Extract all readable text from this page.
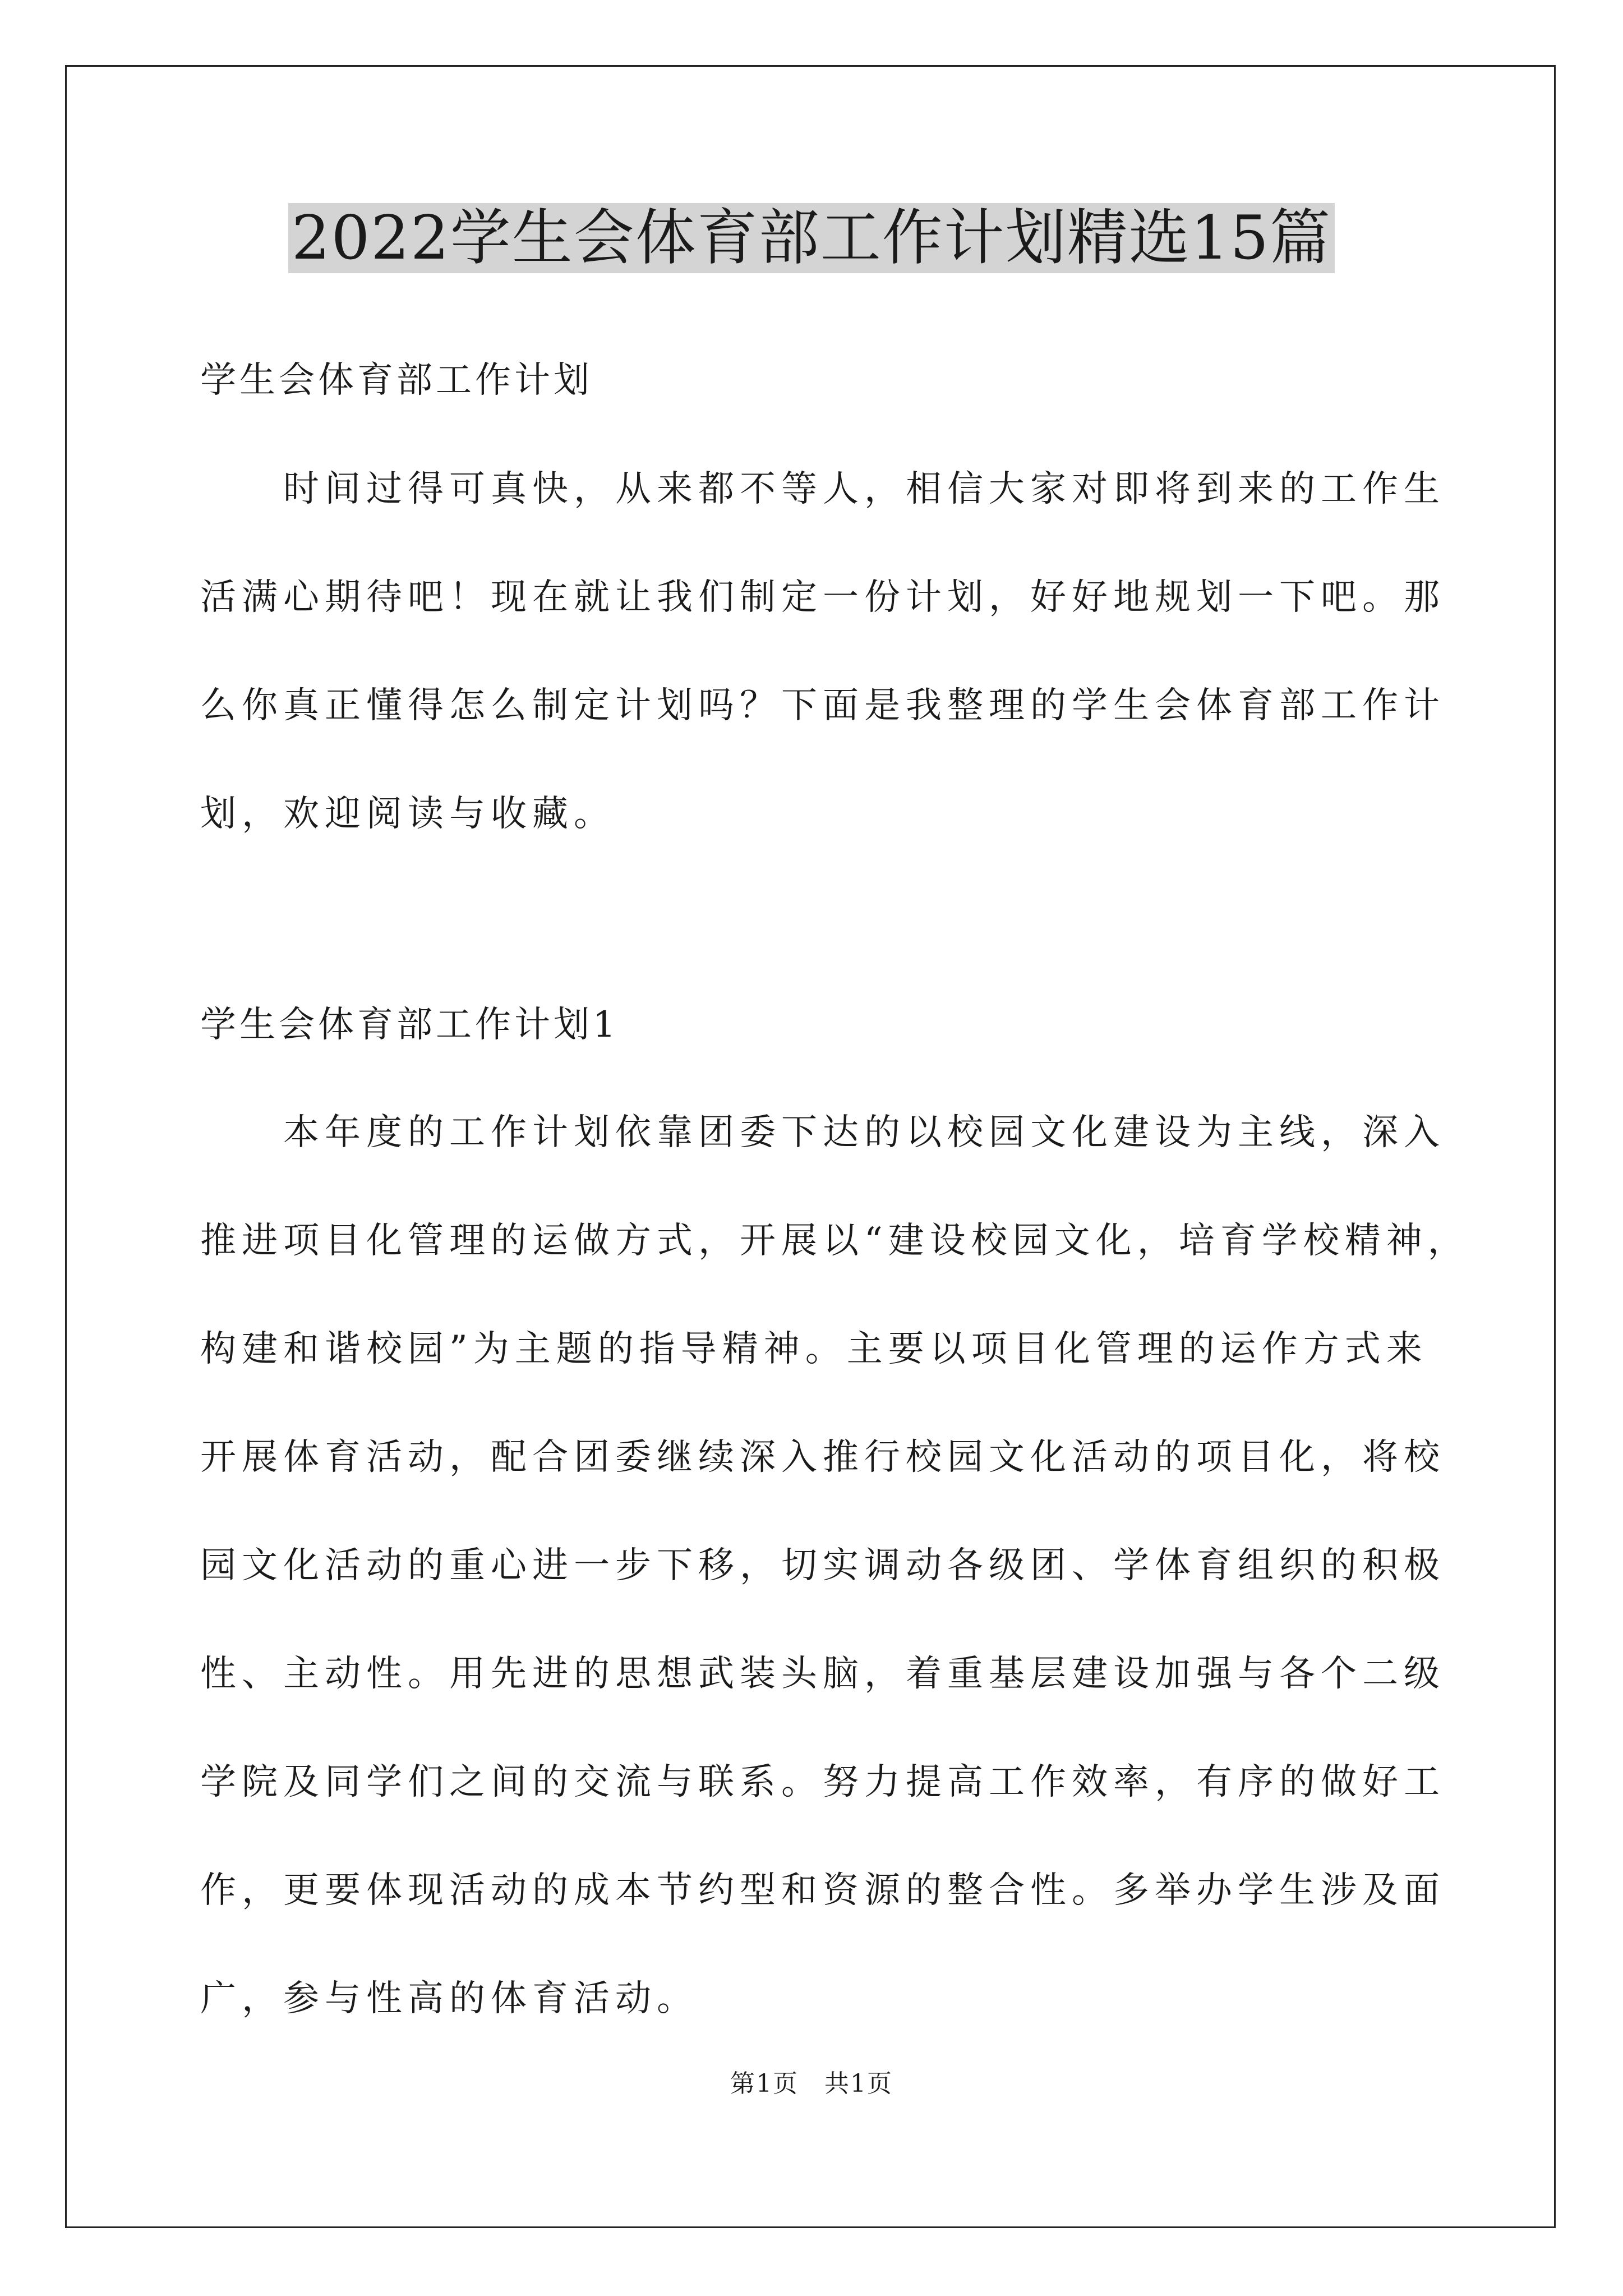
2022学生会体育部工作计划精选15篇
学生会体育部工作计划
时间过得可真快，从来都不等人，相信大家对即将到来的工作生
活满心期待吧！现在就让我们制定一份计划，好好地规划一下吧。那
么你真正懂得怎么制定计划吗？下面是我整理的学生会体育部工作计
划，欢迎阅读与收藏。
学生会体育部工作计划1
本年度的工作计划依靠团委下达的以校园文化建设为主线，深入
推进项目化管理的运做方式，开展以“建设校园文化，培育学校精神，
构建和谐校园”为主题的指导精神。主要以项目化管理的运作方式来
开展体育活动，配合团委继续深入推行校园文化活动的项目化，将校
园文化活动的重心进一步下移，切实调动各级团、学体育组织的积极
性、主动性。用先进的思想武装头脑，着重基层建设加强与各个二级
学院及同学们之间的交流与联系。努力提高工作效率，有序的做好工
作，更要体现活动的成本节约型和资源的整合性。多举办学生涉及面
广，参与性高的体育活动。
第1页　共1页
